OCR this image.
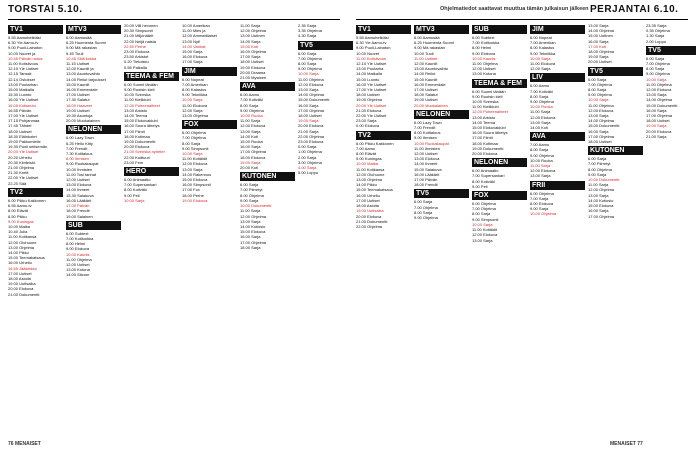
TORSTAI 5.10.	Ohjelmatiedot saattavat muuttua tämän julkaisun jälkeen PERJANTAI 6.10.
TV1
5.55 Aamuhetkiäsi
6.30 Yle Aamu-tv
9.00 Puoli-Lainaton
10.00 Nuoret ja
10.45 Päivän ruoka
11.00 Kotisiivous
12.10 Yle Uutiset
12.15 Tanssit
12.14 Ostokset
13.00 Puutarhan
15.00 Matkalla
15.30 Luonto
16.00 Yle Uutiset
16.05 Kotiseutu
16.55 Päivän
17.00 Yle Uutiset
17.15 Pohjanmaa
17.45 Tähdet
18.00 Uutiset
18.30 Eläinkotet
19.00 Pakkomielle
19.30 Puoli seitsemän
20.00 Yle Uutiset
20.20 Urheilu
20.30 Kiinteistö
21.00 Ohjelma
21.30 Kortit
22.00 Yle Uutiset
22.20 Sää
TV2
6.00 Pikku Kakkonen
6.55 Aamu-tv
8.00 Elävät
8.50 Pikku
9.00 Kuningas
10.00 Matka
10.40 Julia
11.00 Kotikansa
12.00 Olohuone
13.00 Ohjelma
14.00 Pikku
15.00 Teemakatsaus
16.00 Urheilu
16.55 Jääkiekko
17.00 Uutiset
18.00 Asioita
19.00 Uutisaika
20.00 Elokuva
21.00 Dokumentti
MTV3
6.00 Aamusää
6.25 Huomenta Suomi
9.00 Mä rakastan
9.45 Tuuli
10.45 Sillä kokka
11.15 Uutiset
12.00 Kauniit ja
13.00 Asuntovaihto
14.00 Reilut tarjoukset
15.00 Kauniit
16.00 Emmerdale
17.00 Uutiset
17.30 Salatut
18.00 Haaveet
19.00 Uutiset
19.30 Asuntoja
20.00 Muukalainen
NELONEN
6.00 Lazy Town
6.25 Hello Kitty
7.00 Frendit
7.30 Kotitalous
8.00 Ihmisen
9.00 Ruokakaupat
10.00 Ihmisten
11.00 Tosi tarinat
12.00 Uutiset
13.00 Elokuva
14.00 Ihmeet
15.30 Salakuva
16.00 Lääkärit
17.00 Päivän
18.00 Frendit
19.00 Salainen
SUB
6.00 Subtext
7.00 Kotiluokka
8.00 Helmi
9.00 Elokuva
10.00 Kaunis
11.00 Ohjelma
12.00 Uutiset
13.00 Kotona
14.00 Sitcom
20.00 Villi hevonen
20.30 Simpsonit
21.00 Miljonäärit
22.00 Neljä naista
22.50 Perhe
23.00 Elokuva
23.50 Arkistot
0.20 Tietoisku
0.55 Paikalla
TEEMA & FEM
6.00 Suomi tänään
9.00 Ruotsin kieli
10.00 Svenska
11.00 Kieliklubi
12.00 Puheenaiheet
13.00 Arkisto
14.00 Teema
15.00 Elokuvaklubi
16.00 Suora lähetys
17.00 Filmit
18.00 Kotimaa
19.00 Dokumentti
20.00 Elokuva
21.00 Svenska nyheter
22.00 Kulttuuri
23.00 Fem
HERO
6.00 Animaatio
7.00 Supersankari
8.00 Kotiväki
9.00 Peli
10.00 Sarja
10.00 Amerikan
11.00 Mies ja
12.00 Ammattilaiset
13.00 Nyt!
14.00 Vanhat
15.00 Sarja
16.00 Elokuva
17.00 Sarja
JIM
6.00 Nopeat
7.00 Amerikan
8.00 Kalastus
9.00 Tekniikka
10.00 Sarja
11.00 Elokuva
12.00 Sarja
13.00 Ohjelma
FOX
6.00 Ohjelma
7.00 Ohjelma
8.00 Sarja
9.00 Simpsonit
10.00 Sarja
11.00 Kotiäidit
12.00 Elokuva
13.00 Sarja
14.00 Rakennus
15.00 Elokuva
16.00 Simpsonit
17.00 Fox
18.00 Perhe
19.00 Elokuva
11.00 Sarja
12.00 Ohjelma
13.00 Uutinen
14.00 Sarja
15.00 Koti
16.00 Ohjelma
17.00 Sarja
18.00 Uutiset
19.00 Elokuva
20.00 Draama
21.00 Mysteeri
AVA
6.00 Aamu
7.00 Kotiväki
8.00 Sarja
9.00 Ohjelma
10.00 Ruoka
11.00 Sarja
12.00 Elokuva
13.00 Sarja
14.00 Koti
15.00 Ruoka
16.00 Sarja
17.00 Ohjelma
18.00 Elokuva
19.00 Sarja
20.00 Koti
KUTONEN
6.00 Sarja
7.00 Piirretyt
8.00 Ohjelma
9.00 Sarja
10.00 Dokumentti
11.00 Sarja
12.00 Ohjelma
13.00 Sarja
14.00 Kotiosio
15.00 Elokuva
16.00 Sarja
17.00 Ohjelma
18.00 Sarja
2.35 Sarja
3.35 Ohjelma
4.30 Sarja
TV5
6.00 Sarja
7.00 Ohjelma
8.00 Sarja
9.00 Ohjelma
10.00 Sarja
11.00 Ohjelma
12.00 Elokuva
13.00 Sarja
14.00 Ohjelma
15.00 Dokumentti
16.00 Sarja
17.00 Ohjelma
18.00 Uutiset
19.00 Sarja
20.00 Elokuva
21.00 Sarja
22.00 Ohjelma
23.00 Elokuva
0.00 Sarja
1.00 Ohjelma
2.00 Sarja
3.00 Ohjelma
4.00 Sarja
5.00 Loppu
TV1
5.55 Aamuhetkiäsi
6.30 Yle Aamu-tv
9.00 Puoli-Lainaton
10.00 Nuoret
11.00 Kotisiivous
12.10 Yle Uutiset
13.00 Puutarha
14.00 Matkalla
15.00 Luonto
16.00 Yle Uutiset
17.00 Yle Uutiset
18.00 Uutiset
19.00 Ohjelma
20.00 Yle Uutiset
21.00 Elokuva
22.00 Yle Uutiset
23.00 Sarja
0.00 Elokuva
TV2
6.00 Pikku Kakkonen
7.00 Aamu
8.00 Elävät
9.00 Kuningas
10.00 Matka
11.00 Kotikansa
12.00 Olohuone
13.00 Ohjelma
14.00 Pikku
15.00 Teemakatsaus
16.00 Urheilu
17.00 Uutiset
18.00 Asioita
19.00 Uutisaika
20.00 Elokuva
21.00 Dokumentti
22.00 Ohjelma
MTV3
6.00 Aamusää
6.25 Huomenta Suomi
9.00 Mä rakastan
10.00 Tuuli
11.00 Uutiset
12.00 Kauniit
13.00 Asuntovaihto
14.00 Reilut
15.00 Kauniit
16.00 Emmerdale
17.00 Uutiset
18.00 Salatut
19.00 Uutiset
20.00 Muukalainen
NELONEN
6.00 Lazy Town
7.00 Frendit
8.00 Kotitalous
9.00 Ihmisen
10.00 Ruokakaupat
11.00 Ihmisten
12.00 Uutiset
13.00 Elokuva
14.00 Ihmeet
15.00 Salakuva
16.00 Lääkärit
17.00 Päivän
18.00 Frendit
TV5
6.00 Sarja
7.00 Ohjelma
8.00 Sarja
9.00 Ohjelma
SUB
6.00 Subtext
7.00 Kotiluokka
8.00 Helmi
9.00 Elokuva
10.00 Kaunis
11.00 Ohjelma
12.00 Uutiset
13.00 Kotona
TEEMA & FEM
6.00 Suomi tänään
9.00 Ruotsin kieli
10.00 Svenska
11.00 Kieliklubi
12.00 Puheenaiheet
13.00 Arkisto
14.00 Teema
15.00 Elokuvaklubi
16.00 Suora lähetys
17.00 Filmit
18.00 Kotimaa
19.00 Dokumentti
20.00 Elokuva
NELONEN
6.00 Animaatio
7.00 Supersankari
8.00 Kotiväki
9.00 Peli
FOX
6.00 Ohjelma
7.00 Ohjelma
8.00 Sarja
9.00 Simpsonit
10.00 Sarja
11.00 Kotiäidit
12.00 Elokuva
13.00 Sarja
JIM
6.00 Nopeat
7.00 Amerikan
8.00 Kalastus
9.00 Tekniikka
10.00 Sarja
11.00 Elokuva
12.00 Sarja
LIV
6.00 Aamu
7.00 Kotiväki
8.00 Sarja
9.00 Ohjelma
10.00 Ruoka
11.00 Sarja
12.00 Elokuva
13.00 Sarja
14.00 Koti
AVA
7.00 Aamu
8.00 Sarja
9.00 Ohjelma
10.00 Ruoka
11.00 Sarja
12.00 Elokuva
13.00 Sarja
FRII
6.00 Ohjelma
7.00 Sarja
8.00 Elokuva
9.00 Sarja
10.00 Ohjelma
13.00 Sarja
14.00 Ohjelma
15.00 Uutinen
16.00 Sarja
17.00 Koti
18.00 Ohjelma
19.00 Sarja
20.00 Uutiset
TV5
6.00 Sarja
7.00 Ohjelma
8.00 Sarja
9.00 Ohjelma
10.00 Sarja
11.00 Ohjelma
12.00 Elokuva
13.00 Sarja
14.00 Ohjelma
15.00 Dokumentti
16.00 Sarja
17.00 Ohjelma
18.00 Uutiset
KUTONEN
6.00 Sarja
7.00 Piirretyt
8.00 Ohjelma
9.00 Sarja
10.00 Dokumentti
11.00 Sarja
12.00 Ohjelma
13.00 Sarja
14.00 Kotiosio
15.00 Elokuva
16.00 Sarja
17.00 Ohjelma
23.35 Sarja
0.35 Ohjelma
1.30 Sarja
2.00 Loppu
TV5
6.00 Sarja
7.00 Ohjelma
8.00 Sarja
9.00 Ohjelma
10.00 Sarja
11.00 Ohjelma
12.00 Elokuva
13.00 Sarja
14.00 Ohjelma
15.00 Dokumentti
16.00 Sarja
17.00 Ohjelma
18.00 Uutiset
19.00 Sarja
20.00 Elokuva
21.00 Sarja
76 MENAISET	MENAISET 77
